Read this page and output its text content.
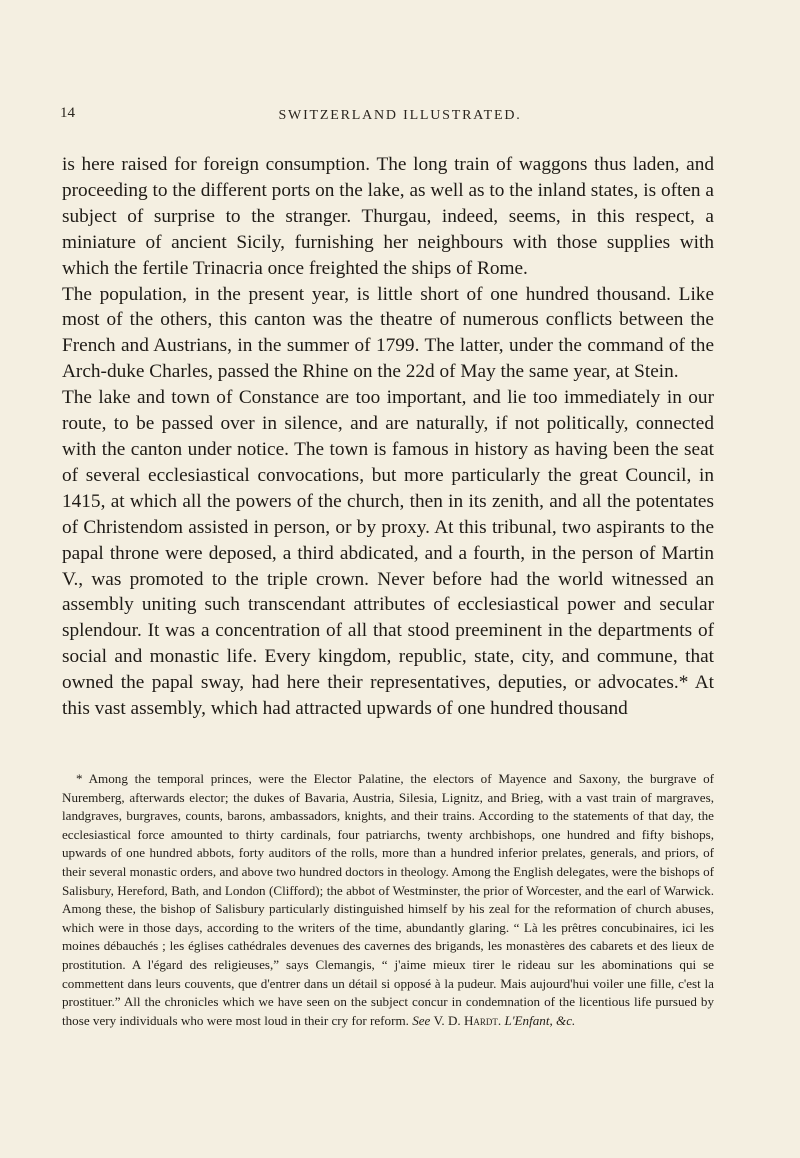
14	SWITZERLAND ILLUSTRATED.

is here raised for foreign consumption. The long train of waggons thus laden, and proceeding to the different ports on the lake, as well as to the inland states, is often a subject of surprise to the stranger. Thurgau, indeed, seems, in this respect, a miniature of ancient Sicily, furnishing her neighbours with those supplies with which the fertile Trinacria once freighted the ships of Rome.

The population, in the present year, is little short of one hundred thousand. Like most of the others, this canton was the theatre of numerous conflicts between the French and Austrians, in the summer of 1799. The latter, under the command of the Arch-duke Charles, passed the Rhine on the 22d of May the same year, at Stein.

The lake and town of Constance are too important, and lie too immediately in our route, to be passed over in silence, and are naturally, if not politically, connected with the canton under notice. The town is famous in history as having been the seat of several ecclesiastical convocations, but more particularly the great Council, in 1415, at which all the powers of the church, then in its zenith, and all the potentates of Christendom assisted in person, or by proxy. At this tribunal, two aspirants to the papal throne were deposed, a third abdicated, and a fourth, in the person of Martin V., was promoted to the triple crown. Never before had the world witnessed an assembly uniting such transcendant attributes of ecclesiastical power and secular splendour. It was a concentration of all that stood preeminent in the departments of social and monastic life. Every kingdom, republic, state, city, and commune, that owned the papal sway, had here their representatives, deputies, or advocates.* At this vast assembly, which had attracted upwards of one hundred thousand

* Among the temporal princes, were the Elector Palatine, the electors of Mayence and Saxony, the burgrave of Nuremberg, afterwards elector; the dukes of Bavaria, Austria, Silesia, Lignitz, and Brieg, with a vast train of margraves, landgraves, burgraves, counts, barons, ambassadors, knights, and their trains. According to the statements of that day, the ecclesiastical force amounted to thirty cardinals, four patriarchs, twenty archbishops, one hundred and fifty bishops, upwards of one hundred abbots, forty auditors of the rolls, more than a hundred inferior prelates, generals, and priors, of their several monastic orders, and above two hundred doctors in theology. Among the English delegates, were the bishops of Salisbury, Hereford, Bath, and London (Clifford); the abbot of Westminster, the prior of Worcester, and the earl of Warwick. Among these, the bishop of Salisbury particularly distinguished himself by his zeal for the reformation of church abuses, which were in those days, according to the writers of the time, abundantly glaring. “ Là les prêtres concubinaires, ici les moines débauchés ; les églises cathédrales devenues des cavernes des brigands, les monastères des cabarets et des lieux de prostitution. A l'égard des religieuses,” says Clemangis, “ j'aime mieux tirer le rideau sur les abominations qui se commettent dans leurs couvents, que d'entrer dans un détail si opposé à la pudeur. Mais aujourd'hui voiler une fille, c'est la prostituer.” All the chronicles which we have seen on the subject concur in condemnation of the licentious life pursued by those very individuals who were most loud in their cry for reform. See V. D. Hardt. L'Enfant, &c.
